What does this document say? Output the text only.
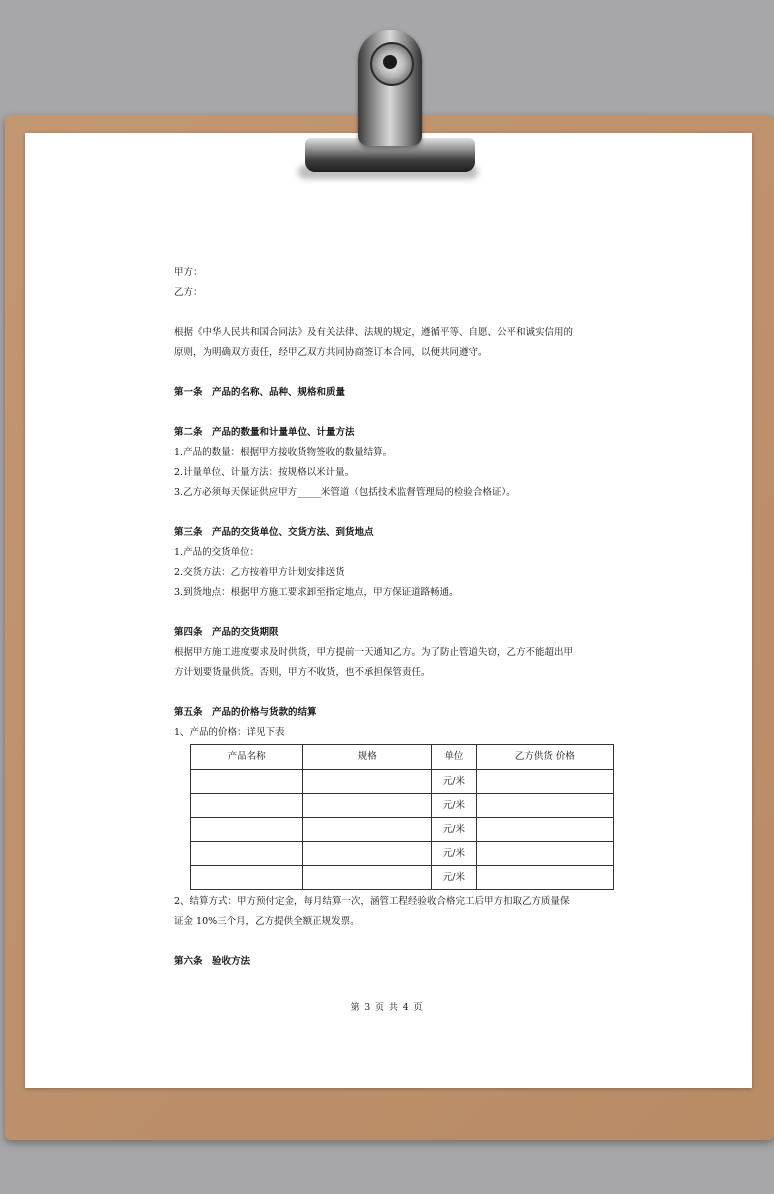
甲方：

乙方：

根据《中华人民共和国合同法》及有关法律、法规的规定，遵循平等、自愿、公平和诚实信用的

原则，为明确双方责任，经甲乙双方共同协商签订本合同，以便共同遵守。

第一条　产品的名称、品种、规格和质量

第二条　产品的数量和计量单位、计量方法

1.产品的数量：根据甲方接收货物签收的数量结算。

2.计量单位、计量方法：按规格以米计量。

3.乙方必须每天保证供应甲方_____米管道（包括技术监督管理局的检验合格证）。

第三条　产品的交货单位、交货方法、到货地点

1.产品的交货单位：

2.交货方法：乙方按着甲方计划安排送货

3.到货地点：根据甲方施工要求卸至指定地点，甲方保证道路畅通。

第四条　产品的交货期限

根据甲方施工进度要求及时供货，甲方提前一天通知乙方。为了防止管道失窃，乙方不能超出甲

方计划要货量供货。否则，甲方不收货，也不承担保管责任。

第五条　产品的价格与货款的结算

1、产品的价格：详见下表

产品名称	规格	单位	乙方供货 价格
		元/米	
		元/米	
		元/米	
		元/米	
		元/米	

2、结算方式：甲方预付定金，每月结算一次，涵管工程经验收合格完工后甲方扣取乙方质量保

证金 10%三个月，乙方提供全额正规发票。

第六条　验收方法

第 3 页 共 4 页
